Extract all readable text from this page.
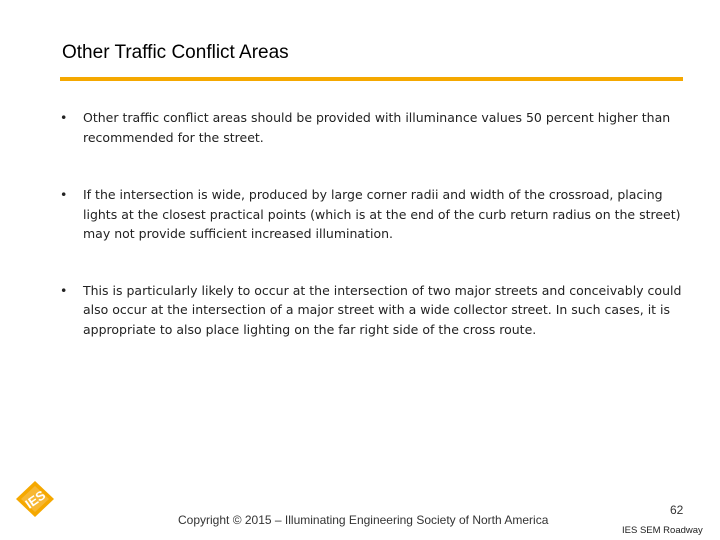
Other Traffic Conflict Areas
•	Other traffic conflict areas should be provided with illuminance values 50 percent higher than recommended for the street.
•	If the intersection is wide, produced by large corner radii and width of the crossroad, placing lights at the closest practical points (which is at the end of the curb return radius on the street) may not provide sufficient increased illumination.
•	This is particularly likely to occur at the intersection of two major streets and conceivably could also occur at the intersection of a major street with a wide collector street. In such cases, it is appropriate to also place lighting on the far right side of the cross route.
IES
Copyright © 2015 – Illuminating Engineering Society of North America
62
IES SEM Roadway
